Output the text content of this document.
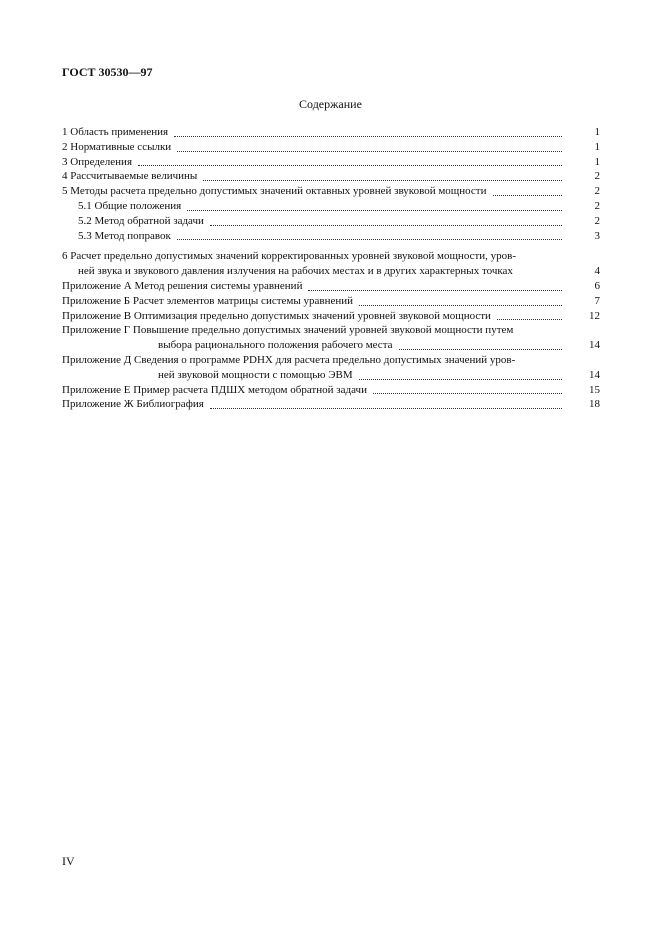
ГОСТ 30530—97
Содержание
1 Область применения	1
2 Нормативные ссылки	1
3 Определения	1
4 Рассчитываемые величины	2
5 Методы расчета предельно допустимых значений октавных уровней звуковой мощности	2
5.1 Общие положения	2
5.2 Метод обратной задачи	2
5.3 Метод поправок	3
6 Расчет предельно допустимых значений корректированных уровней звуковой мощности, уров-
ней звука и звукового давления излучения на рабочих местах и в других характерных точках	4
Приложение А Метод решения системы уравнений	6
Приложение Б Расчет элементов матрицы системы уравнений	7
Приложение В Оптимизация предельно допустимых значений уровней звуковой мощности	12
Приложение Г Повышение предельно допустимых значений уровней звуковой мощности путем
выбора рационального положения рабочего места	14
Приложение Д Сведения о программе PDHX для расчета предельно допустимых значений уров-
ней звуковой мощности с помощью ЭВМ	14
Приложение Е Пример расчета ПДШХ методом обратной задачи	15
Приложение Ж Библиография	18
IV
